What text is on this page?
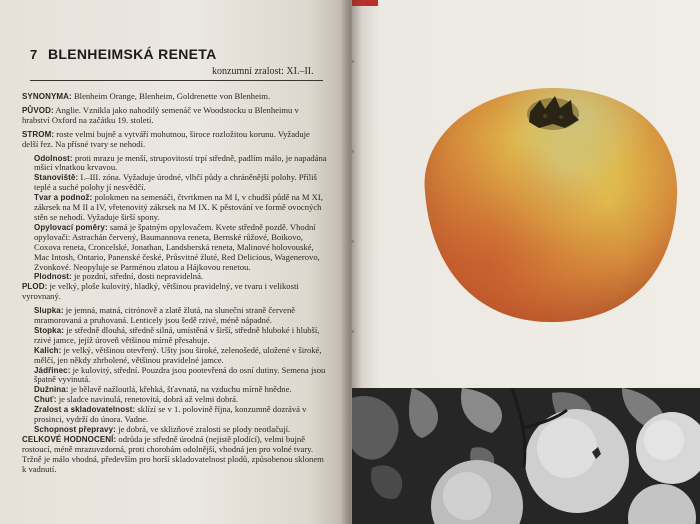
7 BLENHEIMSKÁ RENETA
konzumní zralost: XI.–II.

SYNONYMA: Blenheim Orange, Blenheim, Goldrenette von Blenheim.

PŮVOD: Anglie. Vznikla jako nahodilý semenáč ve Woodstocku u Blenheimu v hrabství Oxford na začátku 19. století.

STROM: roste velmi bujně a vytváří mohutnou, široce rozložitou korunu. Vyžaduje delší řez. Na přísné tvary se nehodí.

Odolnost: proti mrazu je menší, strupovitostí trpí středně, padlím málo, je napadána mšicí vlnatkou krvavou.

Stanoviště: I.–III. zóna. Vyžaduje úrodné, vlhčí půdy a chráněnější polohy. Příliš teplé a suché polohy jí nesvědčí.

Tvar a podnož: polokmen na semenáči, čtvrtkmen na M I, v chudší půdě na M XI, zákrsek na M II a IV, vřetenovitý zákrsek na M IX. K pěstování ve formě ovocných stěn se nehodí. Vyžaduje širší spony.

Opylovací poměry: samá je špatným opylovačem. Kvete středně pozdě. Vhodní opylovači: Astrachán červený, Baumannova reneta, Bernské růžové, Boikovo, Coxova reneta, Croncelské, Jonathan, Landsberská reneta, Malinové holovouské, Mac Intosh, Ontario, Panenské české, Průsvitné žluté, Red Delicious, Wagenerovo, Zvonkové. Neopyluje se Parménou zlatou a Hájkovou renetou.

Plodnost: je pozdní, střední, dosti nepravidelná.

PLOD: je velký, ploše kulovitý, hladký, většinou pravidelný, ve tvaru i velikosti vyrovnaný.

Slupka: je jemná, matná, citrónově a zlatě žlutá, na slunečni straně červeně mramorovaná a pruhovaná. Lenticely jsou šedě rzivé, méně nápadné.

Stopka: je středně dlouhá, středně silná, umístěná v širší, středně hluboké i hlubší, rzivé jamce, jejíž úroveň většinou mírně přesahuje.

Kalich: je velký, většinou otevřený. Ušty jsou široké, zelenošedé, uložené v široké, mělčí, jen někdy zhrbolené, většinou pravidelné jamce.

Jádřinec: je kulovitý, střední. Pouzdra jsou pootevřená do osní dutiny. Semena jsou špatně vyvinutá.

Dužnina: je bělavě nažloutlá, křehká, šťavnatá, na vzduchu mírně hnědne.

Chuť: je sladce navinulá, renetovitá, dobrá až velmi dobrá.

Zralost a skladovatelnost: sklízí se v 1. polovině října, konzumně dozrává v prosinci, vydrží do února. Vadne.

Schopnost přepravy: je dobrá, ve sklizňové zralosti se plody neotlačují.

CELKOVÉ HODNOCENÍ: odrůda je středně úrodná (nejistě plodící), velmi bujně rostoucí, méně mrazuvzdorná, proti chorobám odolnější, vhodná jen pro volné tvary. Tržně je málo vhodná, především pro horší skladovatelnost plodů, způsobenou sklonem k vadnutí.
